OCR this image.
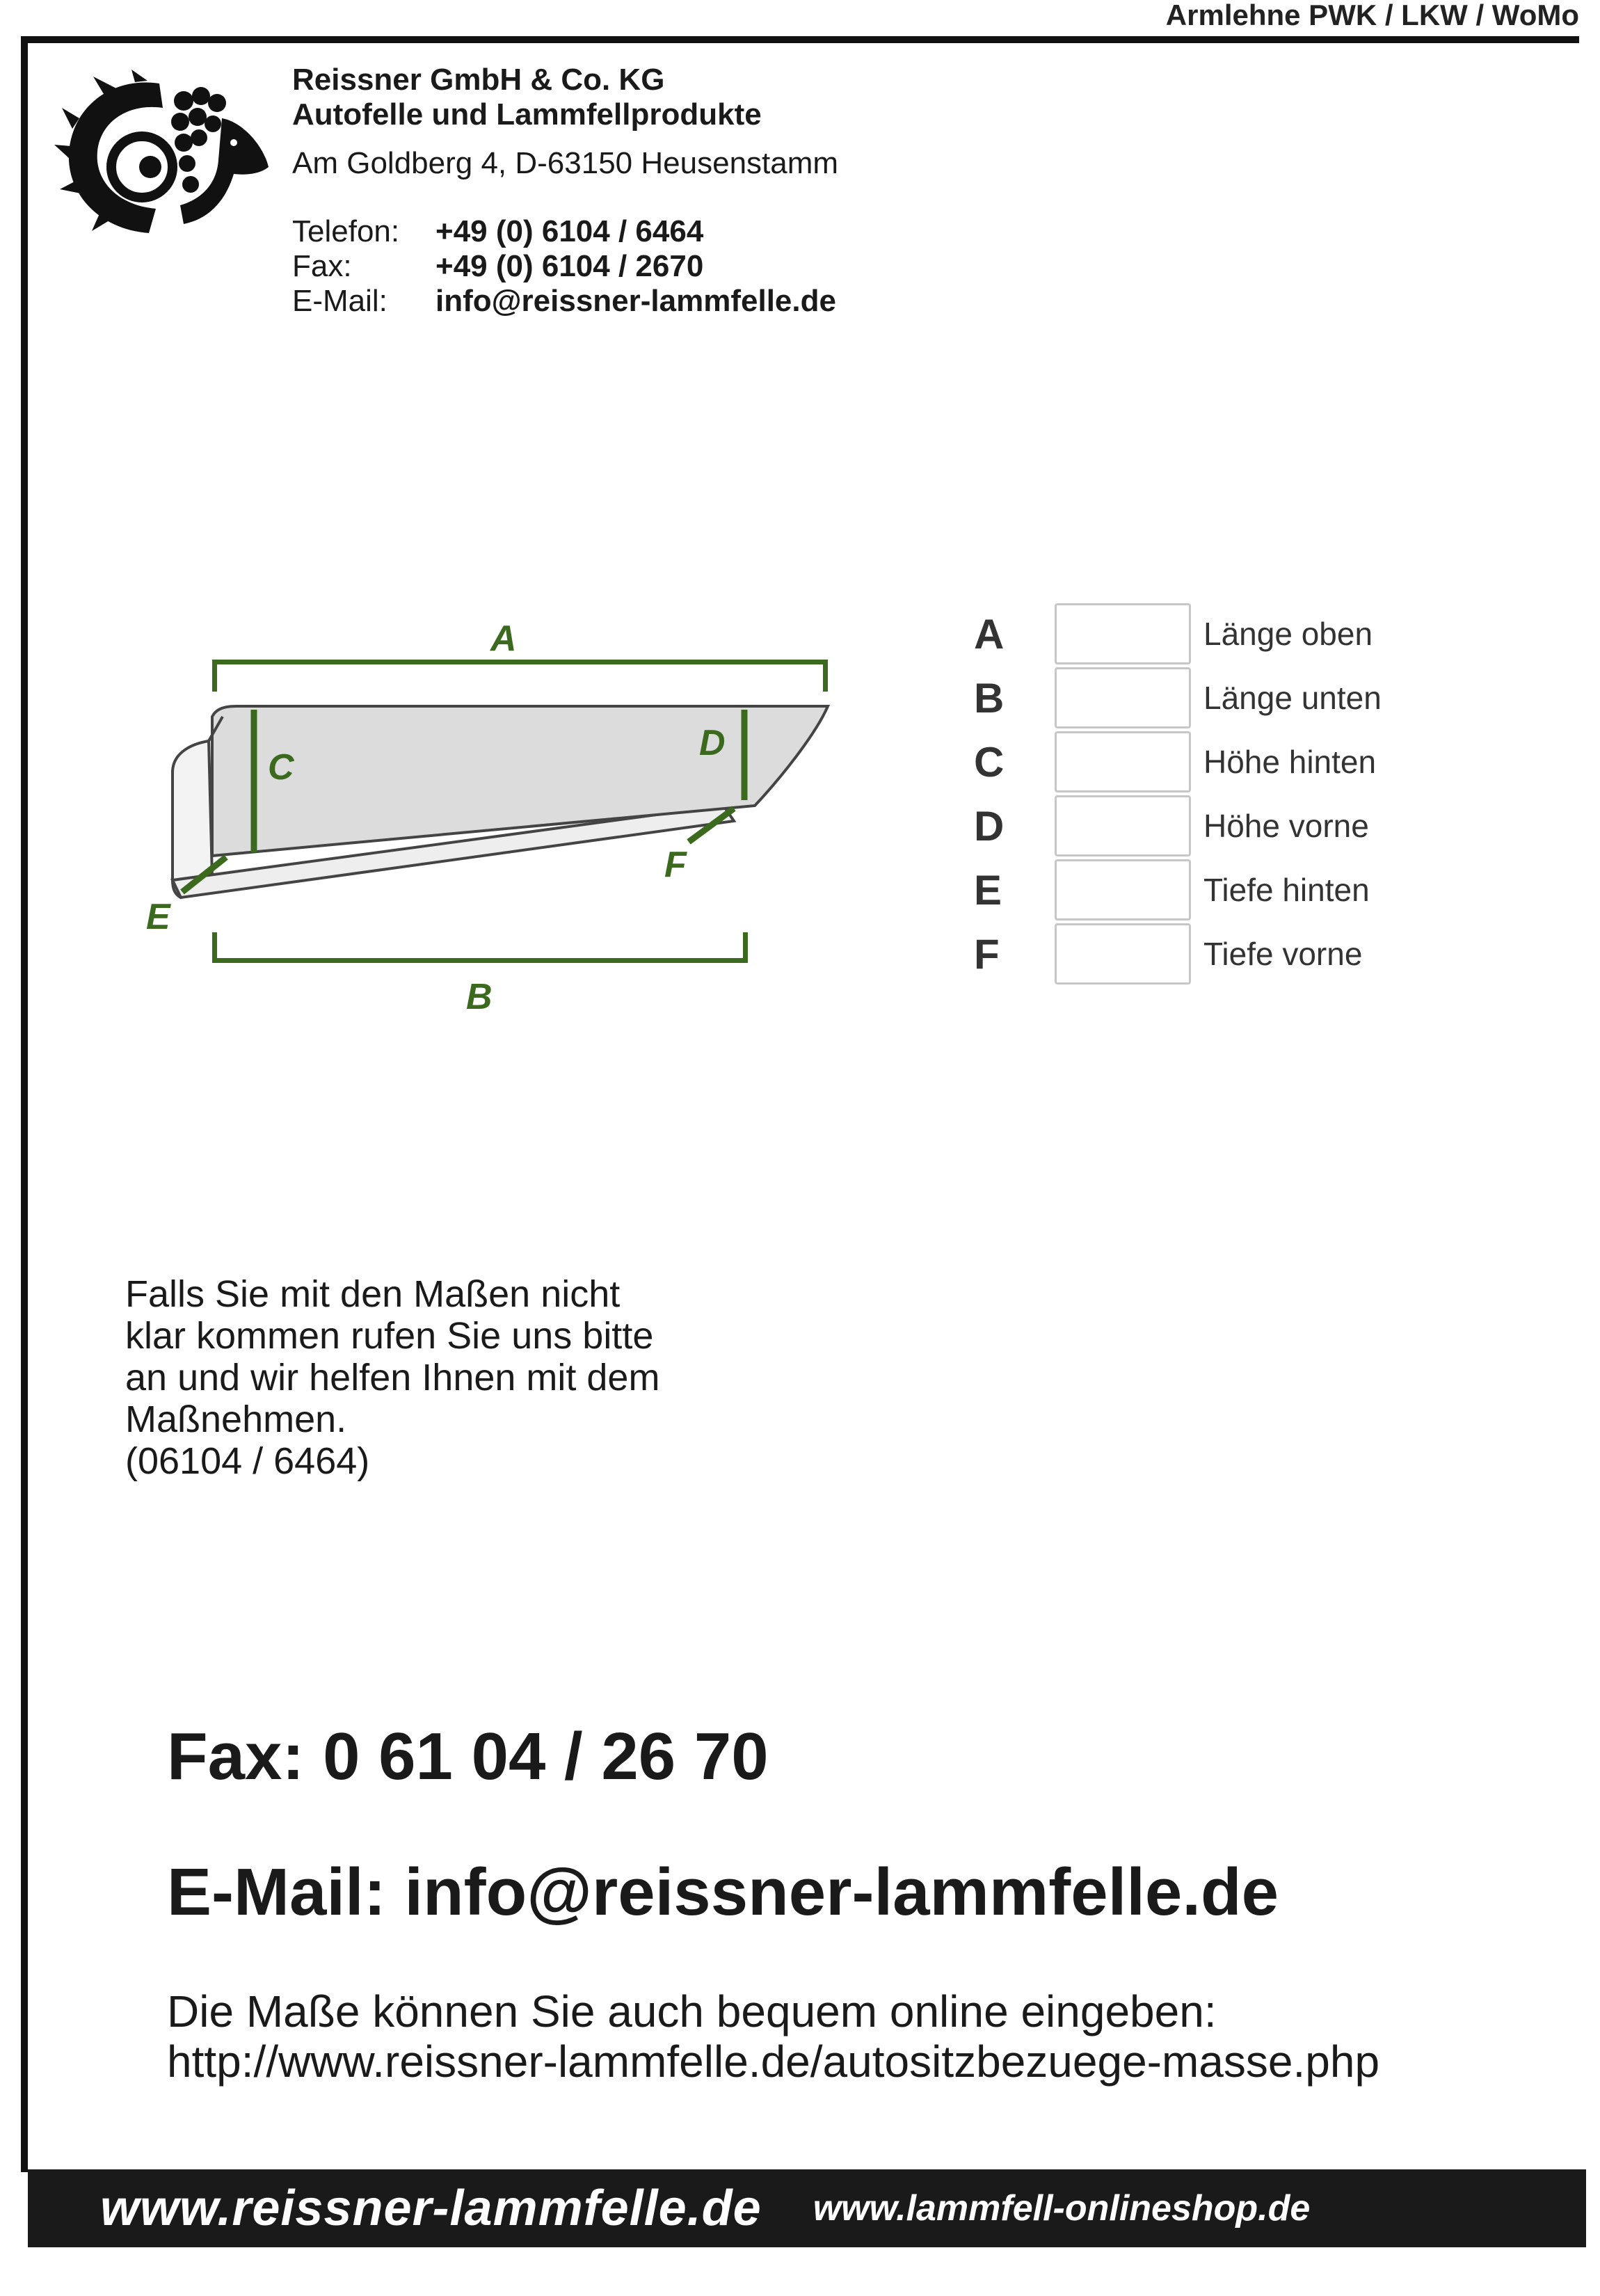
Armlehne PWK / LKW / WoMo
Reissner GmbH & Co. KG
Autofelle und Lammfellprodukte
Am Goldberg 4, D-63150 Heusenstamm
Telefon:	+49 (0) 6104 / 6464
Fax:	+49 (0) 6104 / 2670
E-Mail:	info@reissner-lammfelle.de
A
B
C
D
E
F
A	Länge oben
B	Länge unten
C	Höhe hinten
D	Höhe vorne
E	Tiefe hinten
F	Tiefe vorne
Falls Sie mit den Maßen nicht
klar kommen rufen Sie uns bitte
an und wir helfen Ihnen mit dem
Maßnehmen.
(06104 / 6464)
Fax: 0 61 04 / 26 70
E-Mail: info@reissner-lammfelle.de
Die Maße können Sie auch bequem online eingeben:
http://www.reissner-lammfelle.de/autositzbezuege-masse.php
www.reissner-lammfelle.de www.lammfell-onlineshop.de
